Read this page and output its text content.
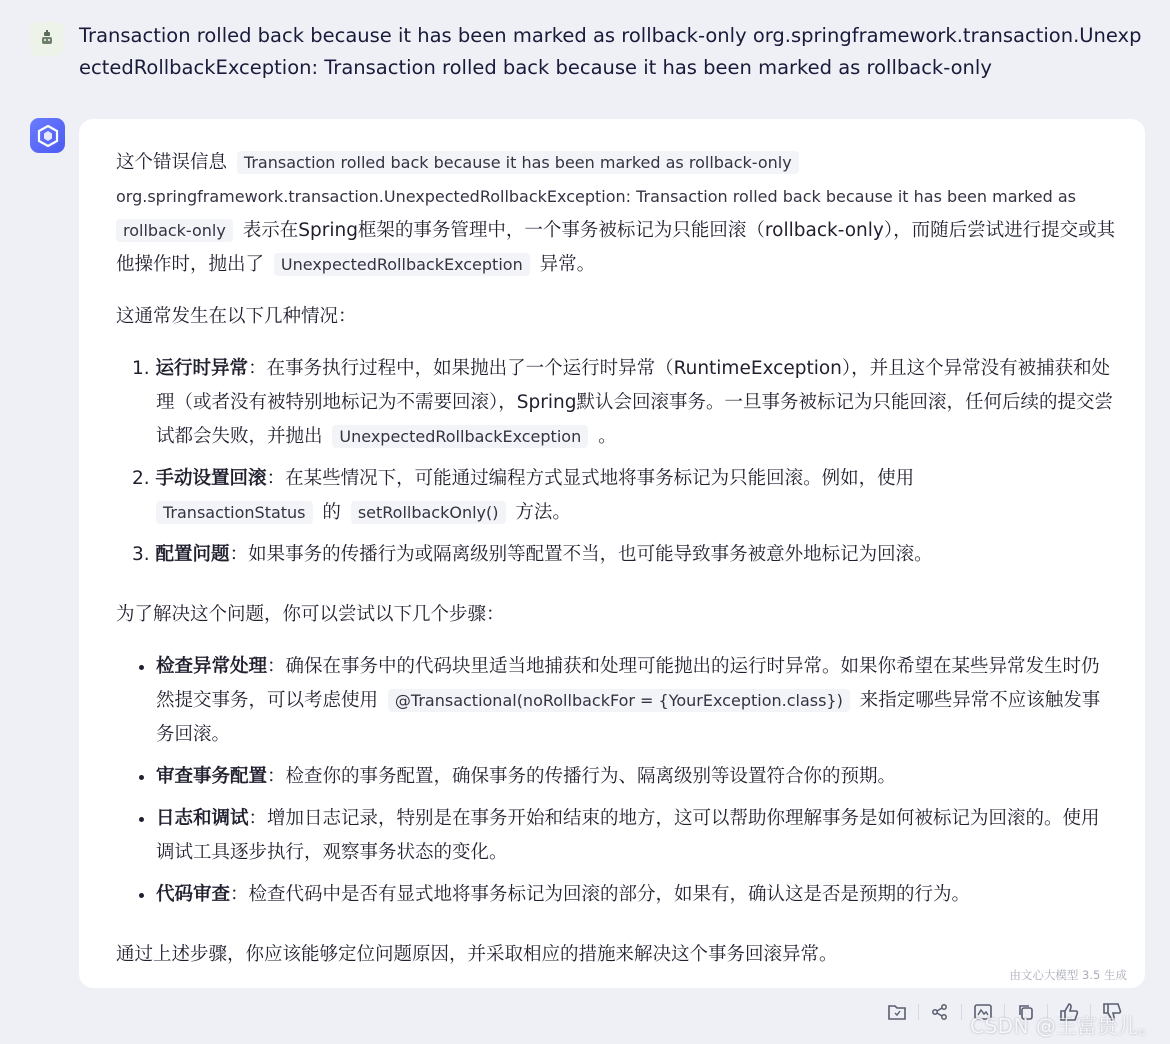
Transaction rolled back because it has been marked as rollback-only org.springframework.transaction.UnexpectedRollbackException: Transaction rolled back because it has been marked as rollback-only

这个错误信息 Transaction rolled back because it has been marked as rollback-only
org.springframework.transaction.UnexpectedRollbackException: Transaction rolled back because it has been marked as
rollback-only 表示在Spring框架的事务管理中，一个事务被标记为只能回滚（rollback-only），而随后尝试进行提交或其他操作时，抛出了 UnexpectedRollbackException 异常。

这通常发生在以下几种情况：

1. 运行时异常：在事务执行过程中，如果抛出了一个运行时异常（RuntimeException），并且这个异常没有被捕获和处理（或者没有被特别地标记为不需要回滚），Spring默认会回滚事务。一旦事务被标记为只能回滚，任何后续的提交尝试都会失败，并抛出 UnexpectedRollbackException 。
2. 手动设置回滚：在某些情况下，可能通过编程方式显式地将事务标记为只能回滚。例如，使用
TransactionStatus 的 setRollbackOnly() 方法。
3. 配置问题：如果事务的传播行为或隔离级别等配置不当，也可能导致事务被意外地标记为回滚。

为了解决这个问题，你可以尝试以下几个步骤：

• 检查异常处理：确保在事务中的代码块里适当地捕获和处理可能抛出的运行时异常。如果你希望在某些异常发生时仍然提交事务，可以考虑使用 @Transactional(noRollbackFor = {YourException.class}) 来指定哪些异常不应该触发事务回滚。
• 审查事务配置：检查你的事务配置，确保事务的传播行为、隔离级别等设置符合你的预期。
• 日志和调试：增加日志记录，特别是在事务开始和结束的地方，这可以帮助你理解事务是如何被标记为回滚的。使用调试工具逐步执行，观察事务状态的变化。
• 代码审查：检查代码中是否有显式地将事务标记为回滚的部分，如果有，确认这是否是预期的行为。

通过上述步骤，你应该能够定位问题原因，并采取相应的措施来解决这个事务回滚异常。

由文心大模型 3.5 生成
CSDN @王富贵儿。
